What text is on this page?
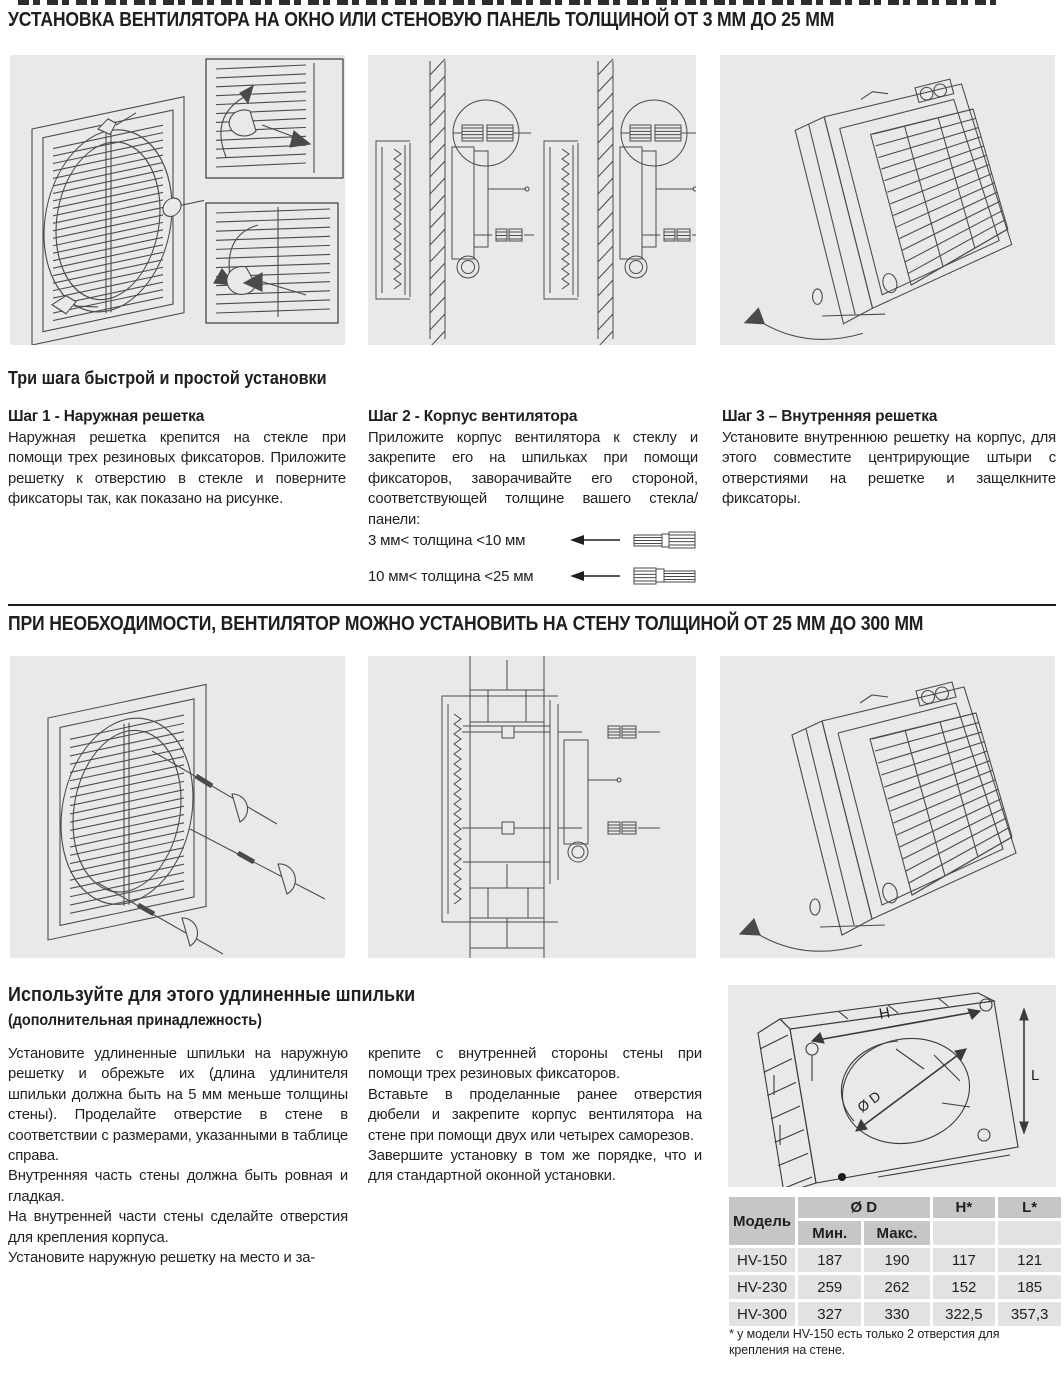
УСТАНОВКА ВЕНТИЛЯТОРА НА ОКНО ИЛИ СТЕНОВУЮ ПАНЕЛЬ ТОЛЩИНОЙ ОТ 3 ММ ДО 25 ММ
Три шага быстрой и простой установки

Шаг 1 - Наружная решетка

Наружная решетка крепится на стекле при помощи трех резиновых фиксаторов. Приложите решетку к отверстию в стекле и поверните фиксаторы так, как показано на рисунке.

Шаг 2 - Корпус вентилятора

Приложите корпус вентилятора к стеклу и закрепите его на шпильках при помощи фиксаторов, заворачивайте его стороной, соответствующей толщине вашего стекла/панели:

Шаг 3 – Внутренняя решетка

Установите внутреннюю решетку на корпус, для этого совместите центрирующие штыри с отверстиями на решетке и защелкните фиксаторы.

3 мм< толщина <10 мм
10 мм< толщина <25 мм
ПРИ НЕОБХОДИМОСТИ, ВЕНТИЛЯТОР МОЖНО УСТАНОВИТЬ НА СТЕНУ ТОЛЩИНОЙ ОТ 25 ММ ДО 300 ММ
Используйте для этого удлиненные шпильки
(дополнительная принадлежность)

Установите удлиненные шпильки на наружную решетку и обрежьте их (длина удлинителя шпильки должна быть на 5 мм меньше толщины стены). Проделайте отверстие в стене в соответствии с размерами, указанными в таблице справа.

Внутренняя часть стены должна быть ровная и гладкая.

На внутренней части стены сделайте отверстия для крепления корпуса.

Установите наружную решетку на место и за-

крепите с внутренней стороны стены при помощи трех резиновых фиксаторов.

Вставьте в проделанные ранее отверстия дюбели и закрепите корпус вентилятора на стене при помощи двух или четырех саморезов.

Завершите установку в том же порядке, что и для стандартной оконной установки.

H
L
Ø D
Модель	Ø D		H*	L*
	Мин.	Макс.		
HV-150	187	190	117	121
HV-230	259	262	152	185
HV-300	327	330	322,5	357,3
* у модели HV-150 есть только 2 отверстия для крепления на стене.
